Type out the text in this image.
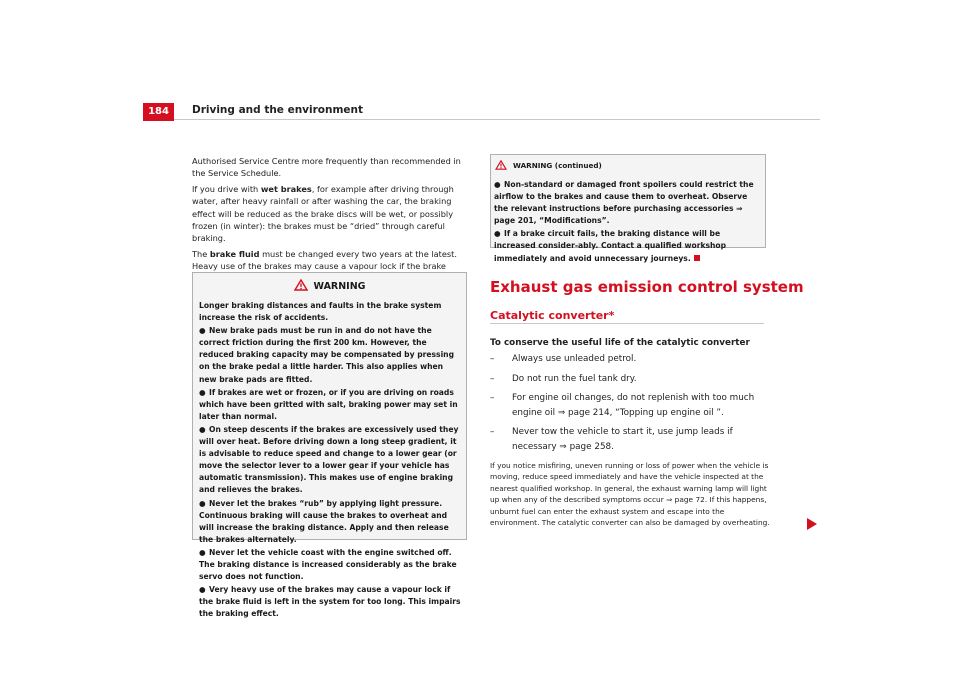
184	Driving and the environment

Authorised Service Centre more frequently than recommended in the Service Schedule.

If you drive with wet brakes, for example after driving through water, after heavy rainfall or after washing the car, the braking effect will be reduced as the brake discs will be wet, or possibly frozen (in winter): the brakes must be “dried” through careful braking.

The brake fluid must be changed every two years at the latest. Heavy use of the brakes may cause a vapour lock if the brake

WARNING

Longer braking distances and faults in the brake system increase the risk of accidents.

● New brake pads must be run in and do not have the correct friction during the first 200 km. However, the reduced braking capacity may be compensated by pressing on the brake pedal a little harder. This also applies when new brake pads are fitted.

● If brakes are wet or frozen, or if you are driving on roads which have been gritted with salt, braking power may set in later than normal.

● On steep descents if the brakes are excessively used they will over heat. Before driving down a long steep gradient, it is advisable to reduce speed and change to a lower gear (or move the selector lever to a lower gear if your vehicle has automatic transmission). This makes use of engine braking and relieves the brakes.

● Never let the brakes “rub” by applying light pressure. Continuous braking will cause the brakes to overheat and will increase the braking distance. Apply and then release the brakes alternately.

● Never let the vehicle coast with the engine switched off. The braking distance is increased considerably as the brake servo does not function.

● Very heavy use of the brakes may cause a vapour lock if the brake fluid is left in the system for too long. This impairs the braking effect.

WARNING (continued)

● Non-standard or damaged front spoilers could restrict the airflow to the brakes and cause them to overheat. Observe the relevant instructions before purchasing accessories ⇒ page 201, “Modifications”.

● If a brake circuit fails, the braking distance will be increased consider-ably. Contact a qualified workshop immediately and avoid unnecessary journeys.

Exhaust gas emission control system
Catalytic converter*
To conserve the useful life of the catalytic converter
– Always use unleaded petrol.
– Do not run the fuel tank dry.
– For engine oil changes, do not replenish with too much engine oil ⇒ page 214, “Topping up engine oil ”.
– Never tow the vehicle to start it, use jump leads if necessary ⇒ page 258.
If you notice misfiring, uneven running or loss of power when the vehicle is moving, reduce speed immediately and have the vehicle inspected at the nearest qualified workshop. In general, the exhaust warning lamp will light up when any of the described symptoms occur ⇒ page 72. If this happens, unburnt fuel can enter the exhaust system and escape into the environment. The catalytic converter can also be damaged by overheating.
